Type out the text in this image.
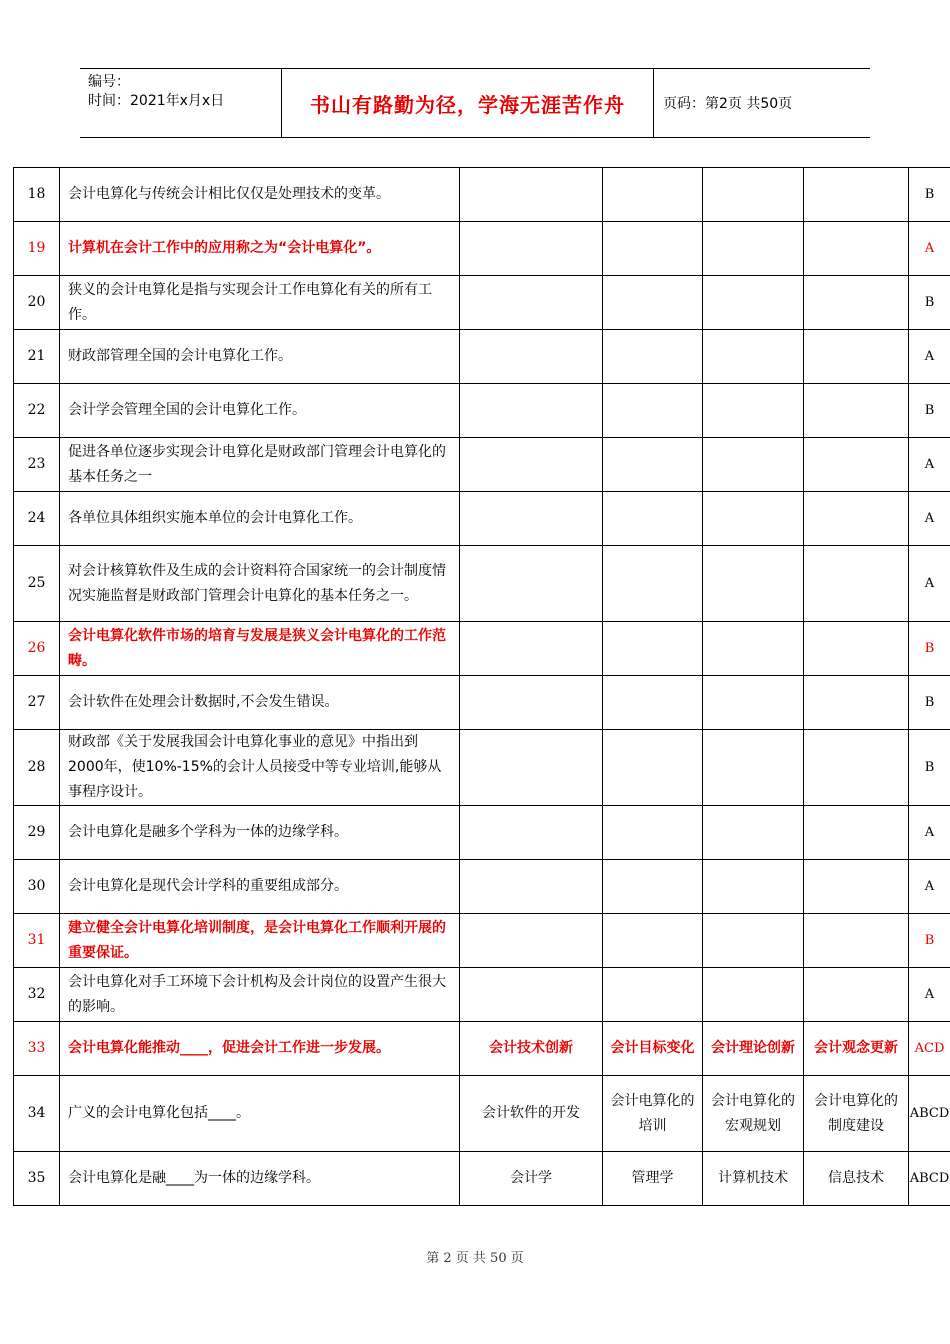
编号：
时间：2021年x月x日	书山有路勤为径，学海无涯苦作舟	页码：第2页 共50页
18	会计电算化与传统会计相比仅仅是处理技术的变革。					B
19	计算机在会计工作中的应用称之为“会计电算化”。					A
20	狭义的会计电算化是指与实现会计工作电算化有关的所有工作。					B
21	财政部管理全国的会计电算化工作。					A
22	会计学会管理全国的会计电算化工作。					B
23	促进各单位逐步实现会计电算化是财政部门管理会计电算化的基本任务之一					A
24	各单位具体组织实施本单位的会计电算化工作。					A
25	对会计核算软件及生成的会计资料符合国家统一的会计制度情况实施监督是财政部门管理会计电算化的基本任务之一。					A
26	会计电算化软件市场的培育与发展是狭义会计电算化的工作范畴。					B
27	会计软件在处理会计数据时,不会发生错误。					B
28	财政部《关于发展我国会计电算化事业的意见》中指出到2000年，使10%-15%的会计人员接受中等专业培训,能够从事程序设计。					B
29	会计电算化是融多个学科为一体的边缘学科。					A
30	会计电算化是现代会计学科的重要组成部分。					A
31	建立健全会计电算化培训制度，是会计电算化工作顺利开展的重要保证。					B
32	会计电算化对手工环境下会计机构及会计岗位的设置产生很大的影响。					A
33	会计电算化能推动____，促进会计工作进一步发展。	会计技术创新	会计目标变化	会计理论创新	会计观念更新	ACD
34	广义的会计电算化包括____。	会计软件的开发	会计电算化的培训	会计电算化的宏观规划	会计电算化的制度建设	ABCD
35	会计电算化是融____为一体的边缘学科。	会计学	管理学	计算机技术	信息技术	ABCD
第 2 页 共 50 页
